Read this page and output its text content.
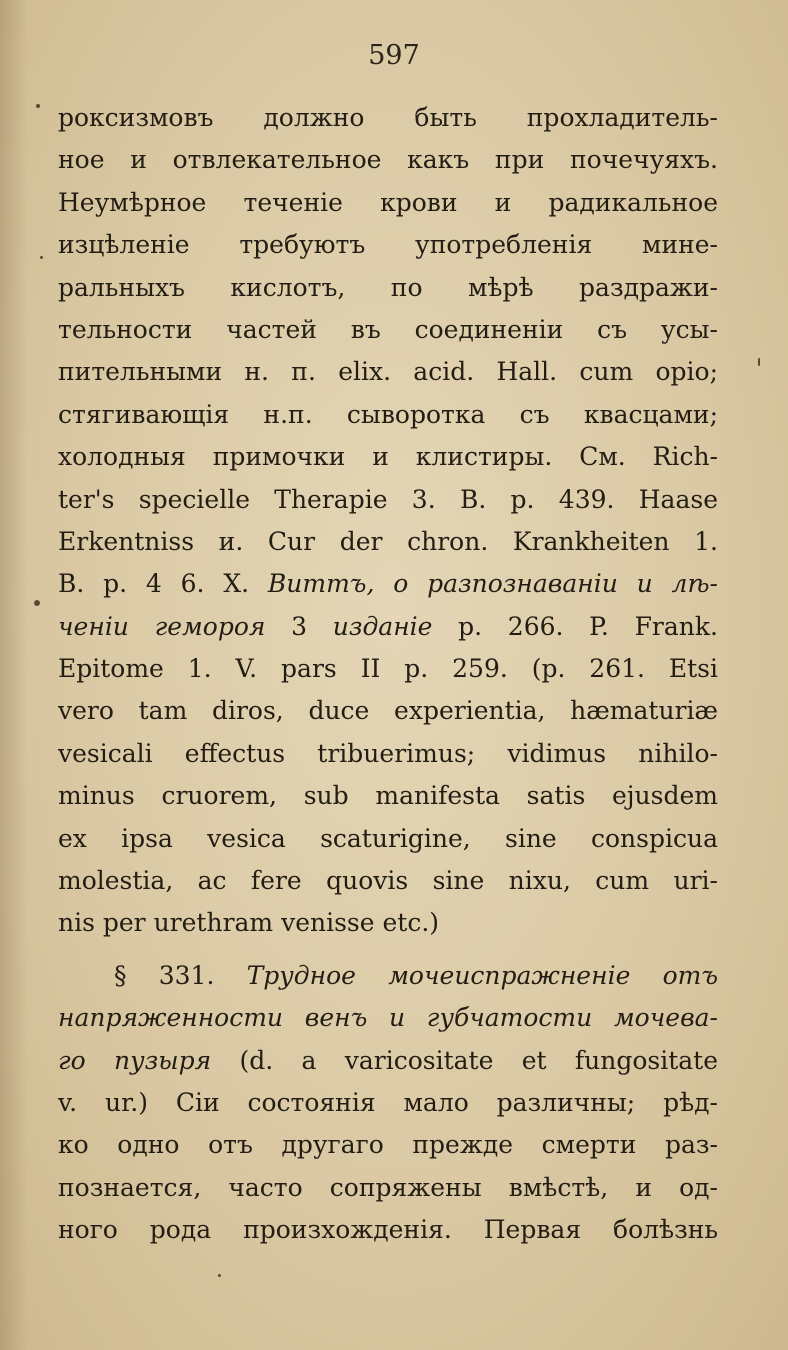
597
роксизмовъ должно быть прохладитель-
ное и отвлекательное какъ при почечуяхъ.
Неумѣрное теченіе крови и радикальное
изцѣленіе требуютъ употребленія мине-
ральныхъ кислотъ, по мѣрѣ раздражи-
тельности частей въ соединеніи съ усы-
пительными н. п. elix. acid. Hall. cum opio;
стягивающія н.п. сыворотка съ квасцами;
холодныя примочки и клистиры. См. Rich-
ter's specielle Therapie 3. B. p. 439. Haase
Erkentniss и. Cur der chron. Krankheiten 1.
B. p. 4 6. X. Виттъ, о разпознаваніи и лѣ-
ченіи гемороя 3 изданіе p. 266. P. Frank.
Epitome 1. V. pars II p. 259. (p. 261. Etsi
vero tam diros, duce experientia, hæmaturiæ
vesicali effectus tribuerimus; vidimus nihilo-
minus cruorem, sub manifesta satis ejusdem
ex ipsa vesica scaturigine, sine conspicua
molestia, ac fere quovis sine nixu, cum uri-
nis per urethram venisse etc.)
§ 331. Трудное мочеиспражненіе отъ
напряженности венъ и губчатости мочева-
го пузыря (d. a varicositate et fungositate
v. ur.) Сіи состоянія мало различны; рѣд-
ко одно отъ другаго прежде смерти раз-
познается, часто сопряжены вмѣстѣ, и од-
ного рода произхожденія. Первая болѣзнь
